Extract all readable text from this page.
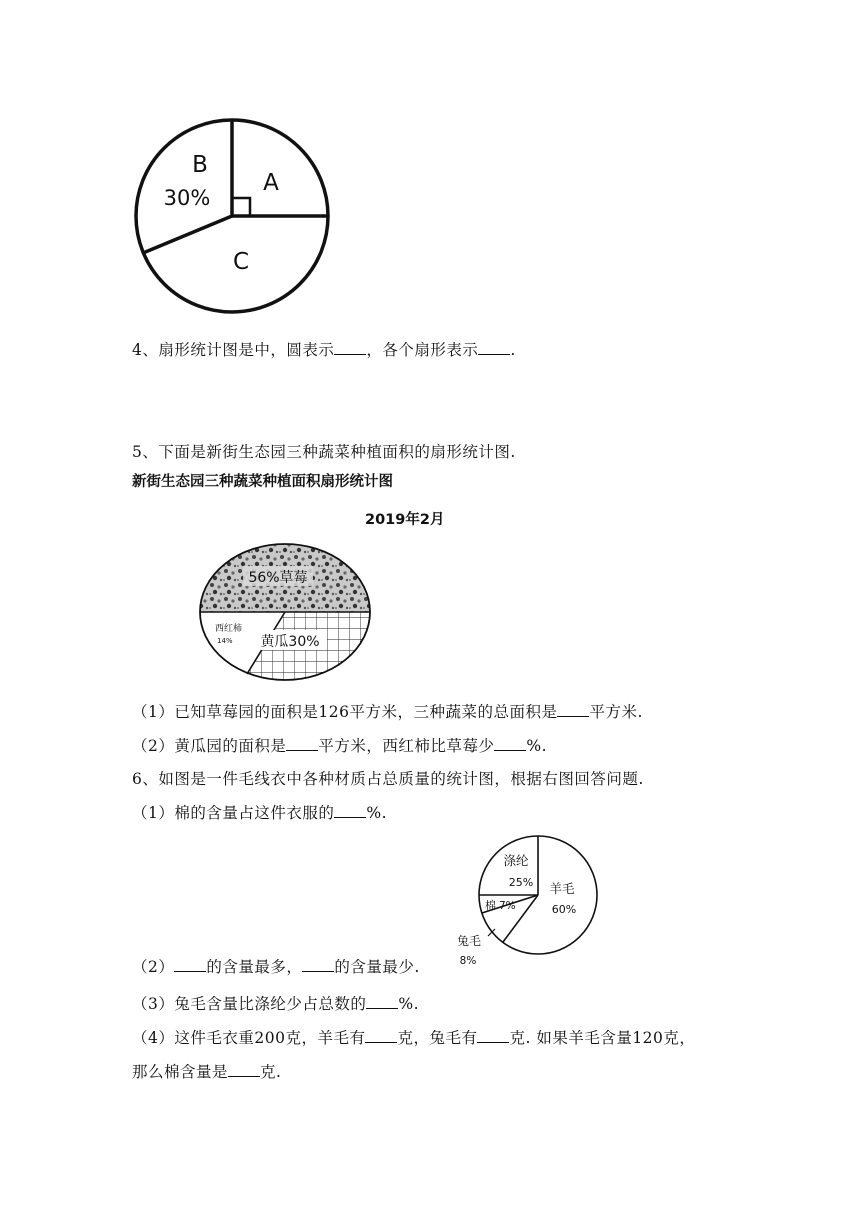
B
30%
A
C
4、扇形统计图是中，圆表示 ，各个扇形表示 .
5、下面是新街生态园三种蔬菜种植面积的扇形统计图.
新街生态园三种蔬菜种植面积扇形统计图
2019年2月
56%草莓
西红柿
14% 黄瓜30%
（1）已知草莓园的面积是126平方米，三种蔬菜的总面积是 平方米.
（2）黄瓜园的面积是 平方米，西红柿比草莓少 %.
6、如图是一件毛线衣中各种材质占总质量的统计图，根据右图回答问题.
（1）棉的含量占这件衣服的 %.
涤纶
25% 羊毛
60%
棉 7%
兔毛
8%
（2） 的含量最多， 的含量最少.
（3）兔毛含量比涤纶少占总数的 %.
（4）这件毛衣重200克，羊毛有 克，兔毛有 克. 如果羊毛含量120克，
那么棉含量是 克.
